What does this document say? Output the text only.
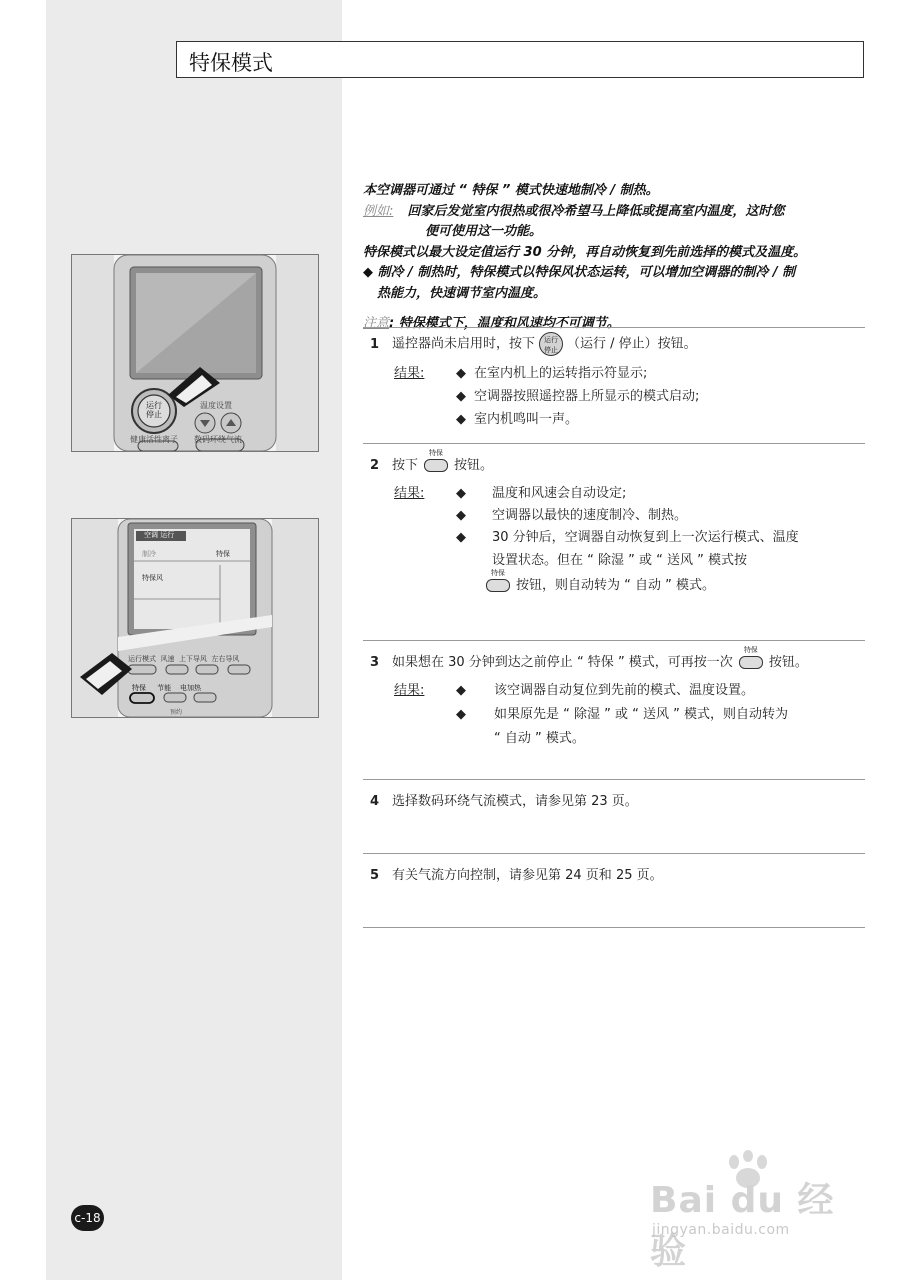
特保模式
本空调器可通过 “ 特保 ” 模式快速地制冷 / 制热。
例如: 回家后发觉室内很热或很冷希望马上降低或提高室内温度，这时您
便可使用这一功能。
特保模式以最大设定值运行 30 分钟，再自动恢复到先前选择的模式及温度。
◆ 制冷 / 制热时，特保模式以特保风状态运转，可以增加空调器的制冷 / 制
热能力，快速调节室内温度。
注意: 特保模式下，温度和风速均不可调节。
1 遥控器尚未启用时，按下 运行
停止 （运行 / 停止）按钮。
结果: ◆ 在室内机上的运转指示符显示;
◆ 空调器按照遥控器上所显示的模式启动;
◆ 室内机鸣叫一声。
2 按下
特保
按钮。
结果: ◆ 温度和风速会自动设定;
◆ 空调器以最快的速度制冷、制热。
◆ 30 分钟后，空调器自动恢复到上一次运行模式、温度
设置状态。但在 “ 除湿 ” 或 “ 送风 ” 模式按
特保
按钮，则自动转为 “ 自动 ” 模式。
3 如果想在 30 分钟到达之前停止 “ 特保 ” 模式，可再按一次
特保
按钮。
结果: ◆ 该空调器自动复位到先前的模式、温度设置。
◆ 如果原先是 “ 除湿 ” 或 “ 送风 ” 模式，则自动转为
“ 自动 ” 模式。
4 选择数码环绕气流模式，请参见第 23 页。
5 有关气流方向控制，请参见第 24 页和 25 页。
运行
停止
温度设置
健康活性离子 数码环绕气流
空调 运行
制冷	特保
特保风
运行模式 风速 上下导风 左右导风
特保 节能 电加热
预约
c-18	Bai du 经验
jingyan.baidu.com
